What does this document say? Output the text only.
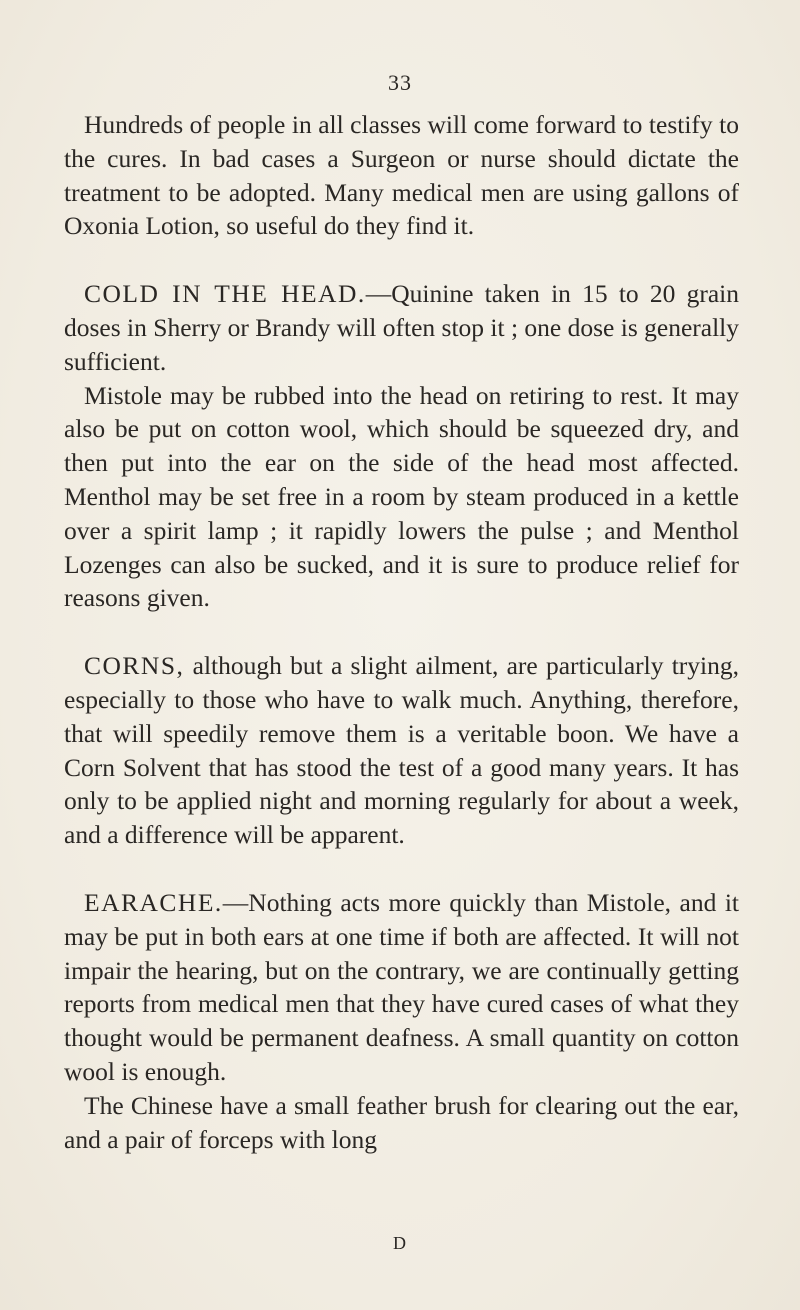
33

Hundreds of people in all classes will come forward to testify to the cures. In bad cases a Surgeon or nurse should dictate the treatment to be adopted. Many medical men are using gallons of Oxonia Lotion, so useful do they find it.

COLD IN THE HEAD.—Quinine taken in 15 to 20 grain doses in Sherry or Brandy will often stop it ; one dose is generally sufficient.

Mistole may be rubbed into the head on retiring to rest. It may also be put on cotton wool, which should be squeezed dry, and then put into the ear on the side of the head most affected. Menthol may be set free in a room by steam produced in a kettle over a spirit lamp ; it rapidly lowers the pulse ; and Menthol Lozenges can also be sucked, and it is sure to produce relief for reasons given.

CORNS, although but a slight ailment, are particularly trying, especially to those who have to walk much. Anything, therefore, that will speedily remove them is a veritable boon. We have a Corn Solvent that has stood the test of a good many years. It has only to be applied night and morning regularly for about a week, and a difference will be apparent.

EARACHE.—Nothing acts more quickly than Mistole, and it may be put in both ears at one time if both are affected. It will not impair the hearing, but on the contrary, we are continually getting reports from medical men that they have cured cases of what they thought would be permanent deafness. A small quantity on cotton wool is enough.

The Chinese have a small feather brush for clearing out the ear, and a pair of forceps with long

D
